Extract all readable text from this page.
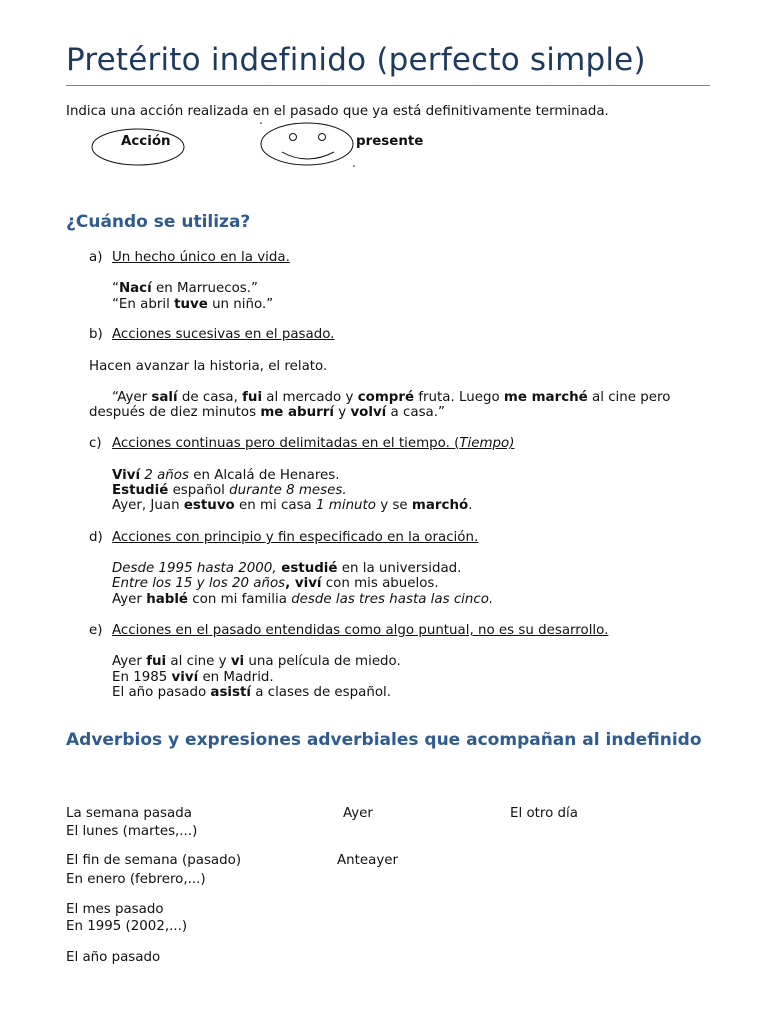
Pretérito indefinido (perfecto simple)

Indica una acción realizada en el pasado que ya está definitivamente terminada.

Acción	presente
¿Cuándo se utiliza?

a) Un hecho único en la vida.

“Nací en Marruecos.”

“En abril tuve un niño.”

b) Acciones sucesivas en el pasado.

Hacen avanzar la historia, el relato.

“Ayer salí de casa, fui al mercado y compré fruta. Luego me marché al cine pero

después de diez minutos me aburrí y volví a casa.”

c) Acciones continuas pero delimitadas en el tiempo. (Tiempo)

Viví 2 años en Alcalá de Henares.

Estudié español durante 8 meses.

Ayer, Juan estuvo en mi casa 1 minuto y se marchó.

d) Acciones con principio y fin especificado en la oración.

Desde 1995 hasta 2000, estudié en la universidad.

Entre los 15 y los 20 años, viví con mis abuelos.

Ayer hablé con mi familia desde las tres hasta las cinco.

e) Acciones en el pasado entendidas como algo puntual, no es su desarrollo.

Ayer fui al cine y vi una película de miedo.

En 1985 viví en Madrid.

El año pasado asistí a clases de español.

Adverbios y expresiones adverbiales que acompañan al indefinido

La semana pasada	Ayer	El otro día

El lunes (martes,...)

El fin de semana (pasado)	Anteayer

En enero (febrero,...)

El mes pasado

En 1995 (2002,...)

El año pasado
